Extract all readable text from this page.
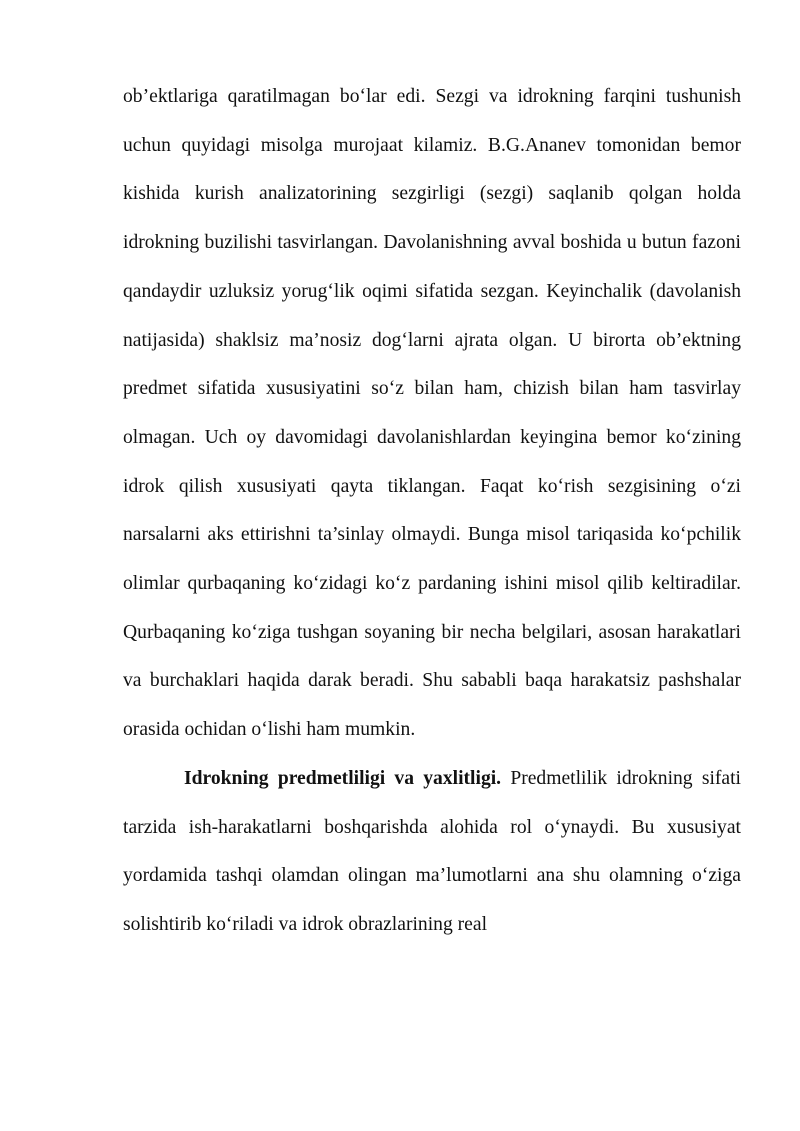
ob’ektlariga qaratilmagan bo‘lar edi. Sezgi va idrokning farqini tushunish uchun quyidagi misolga murojaat kilamiz. B.G.Ananev tomonidan bemor kishida kurish analizatorining sezgirligi (sezgi) saqlanib qolgan holda idrokning buzilishi tasvirlangan. Davolanishning avval boshida u butun fazoni qandaydir uzluksiz yorug‘lik oqimi sifatida sezgan. Keyinchalik (davolanish natijasida) shaklsiz ma’nosiz dog‘larni ajrata olgan. U birorta ob’ektning predmet sifatida xususiyatini so‘z bilan ham, chizish bilan ham tasvirlay olmagan. Uch oy davomidagi davolanishlardan keyingina bemor ko‘zining idrok qilish xususiyati qayta tiklangan. Faqat ko‘rish sezgisining o‘zi narsalarni aks ettirishni ta’sinlay olmaydi. Bunga misol tariqasida ko‘pchilik olimlar qurbaqaning ko‘zidagi ko‘z pardaning ishini misol qilib keltiradilar. Qurbaqaning ko‘ziga tushgan soyaning bir necha belgilari, asosan harakatlari va burchaklari haqida darak beradi. Shu sababli baqa harakatsiz pashshalar orasida ochidan o‘lishi ham mumkin.

Idrokning predmetliligi va yaxlitligi. Predmetlilik idrokning sifati tarzida ish-harakatlarni boshqarishda alohida rol o‘ynaydi. Bu xususiyat yordamida tashqi olamdan olingan ma’lumotlarni ana shu olamning o‘ziga solishtirib ko‘riladi va idrok obrazlarining real
